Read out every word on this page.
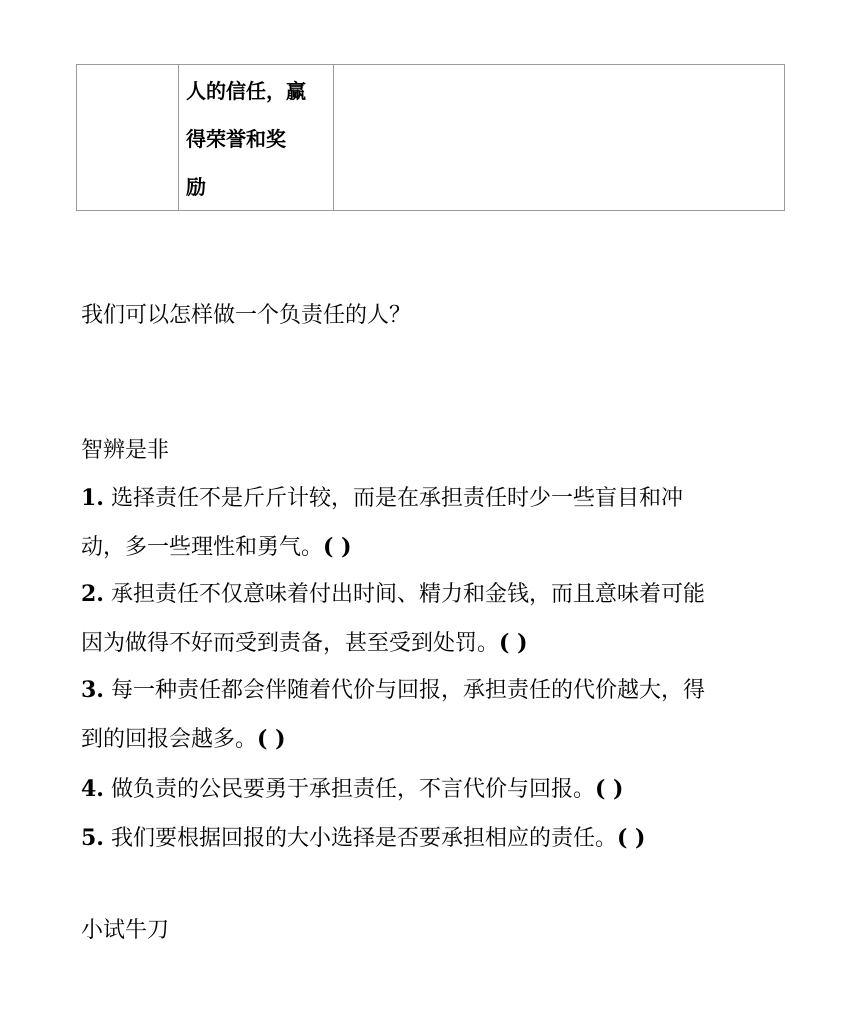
人的信任，赢
得荣誉和奖
励

我们可以怎样做一个负责任的人？
智辨是非
1. 选择责任不是斤斤计较，而是在承担责任时少一些盲目和冲
动，多一些理性和勇气。( )
2. 承担责任不仅意味着付出时间、精力和金钱，而且意味着可能
因为做得不好而受到责备，甚至受到处罚。( )
3. 每一种责任都会伴随着代价与回报，承担责任的代价越大，得
到的回报会越多。( )
4. 做负责的公民要勇于承担责任，不言代价与回报。( )
5. 我们要根据回报的大小选择是否要承担相应的责任。( )
小试牛刀
